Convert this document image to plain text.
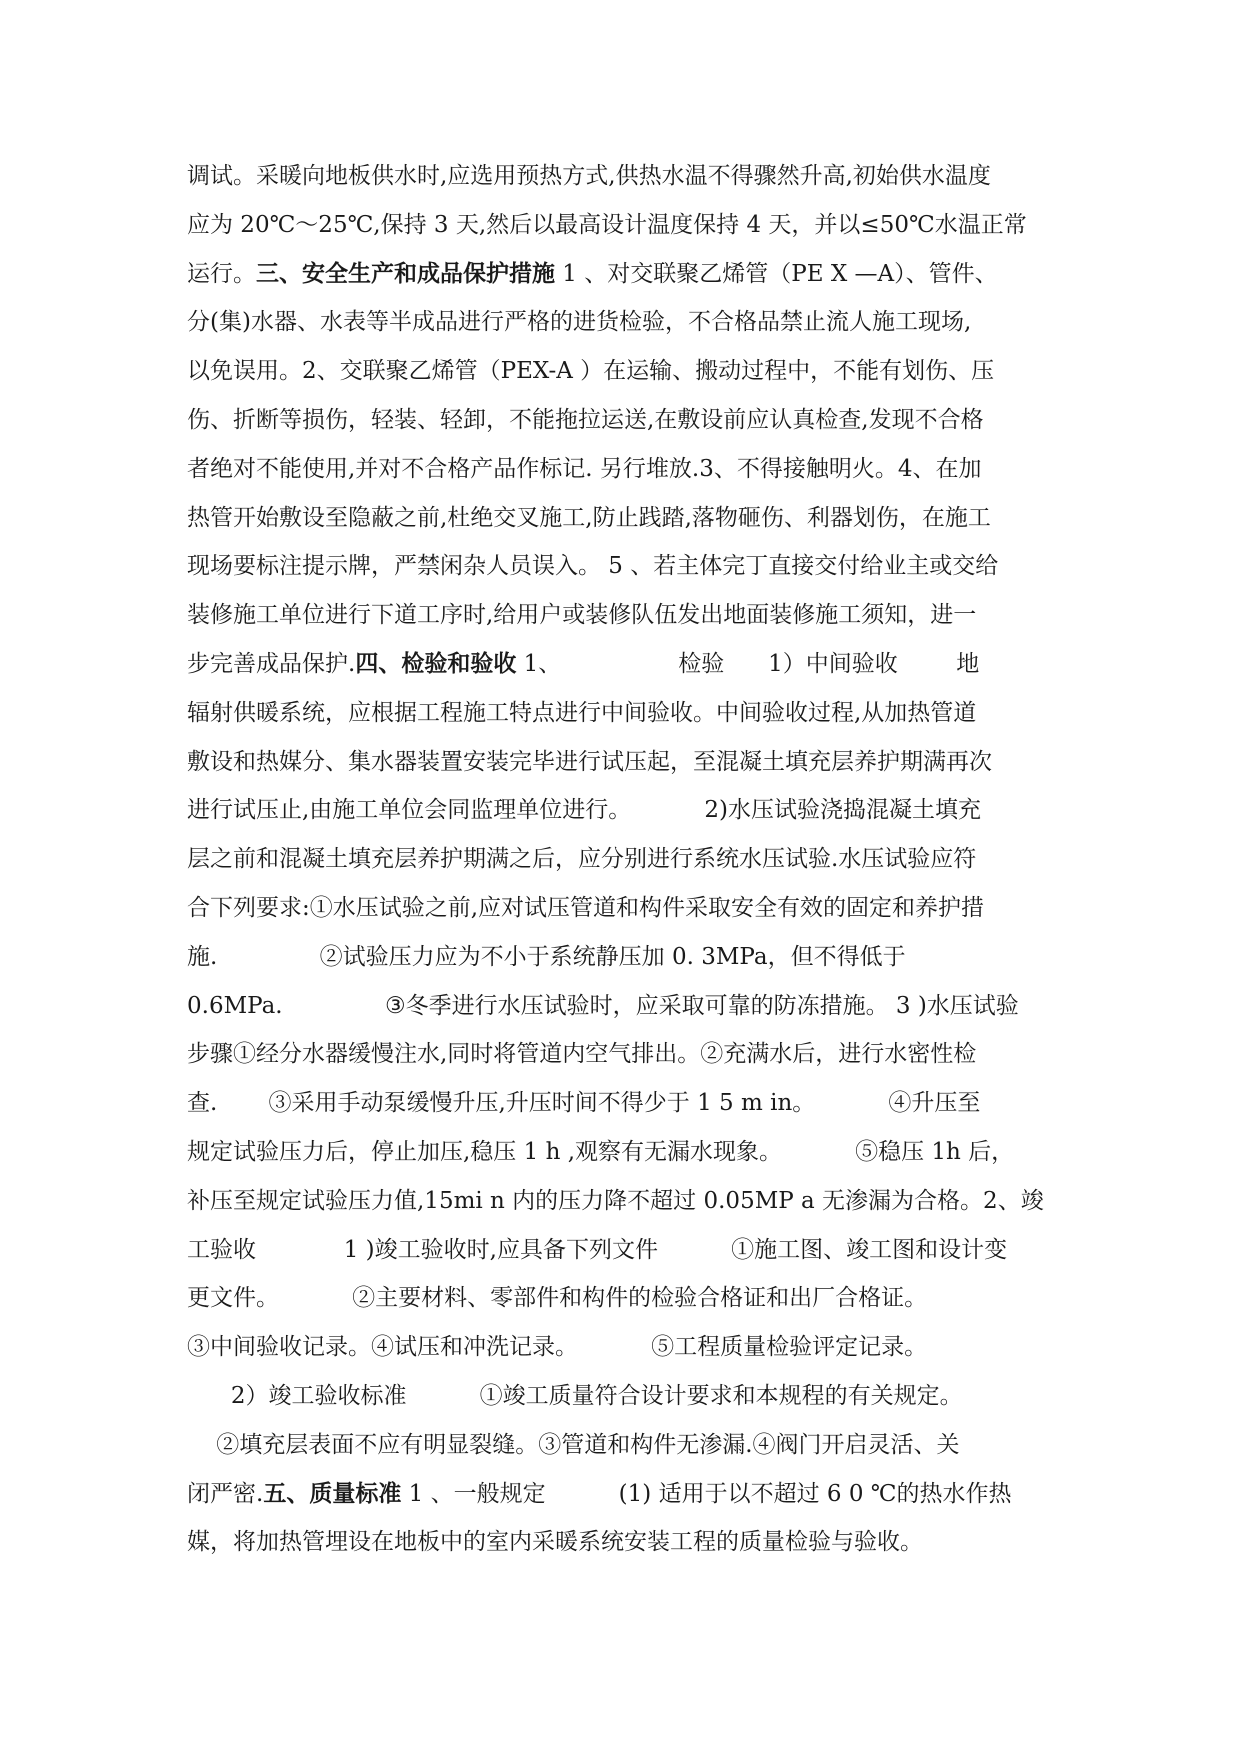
调试。采暖向地板供水时,应选用预热方式,供热水温不得骤然升高,初始供水温度
应为 20℃～25℃,保持 3 天,然后以最高设计温度保持 4 天，并以≤50℃水温正常
运行。三、安全生产和成品保护措施 1 、对交联聚乙烯管（PE X —A）、管件、
分(集)水器、水表等半成品进行严格的进货检验，不合格品禁止流人施工现场,
以免误用。2、交联聚乙烯管（PEX-A ）在运输、搬动过程中，不能有划伤、压
伤、折断等损伤，轻装、轻卸，不能拖拉运送,在敷设前应认真检查,发现不合格
者绝对不能使用,并对不合格产品作标记. 另行堆放.3、不得接触明火。4、在加
热管开始敷设至隐蔽之前,杜绝交叉施工,防止践踏,落物砸伤、利器划伤，在施工
现场要标注提示牌，严禁闲杂人员误入。 5 、若主体完丁直接交付给业主或交给
装修施工单位进行下道工序时,给用户或装修队伍发出地面装修施工须知，进一
步完善成品保护.四、检验和验收 1、                检验      1）中间验收        地
辐射供暖系统，应根据工程施工特点进行中间验收。中间验收过程,从加热管道
敷设和热媒分、集水器装置安装完毕进行试压起，至混凝土填充层养护期满再次
进行试压止,由施工单位会同监理单位进行。          2)水压试验浇捣混凝土填充
层之前和混凝土填充层养护期满之后，应分别进行系统水压试验.水压试验应符
合下列要求:①水压试验之前,应对试压管道和构件采取安全有效的固定和养护措
施.              ②试验压力应为不小于系统静压加 0. 3MPa，但不得低于
0.6MPa.              ③冬季进行水压试验时，应采取可靠的防冻措施。 3 )水压试验
步骤①经分水器缓慢注水,同时将管道内空气排出。②充满水后，进行水密性检
查.       ③采用手动泵缓慢升压,升压时间不得少于 1 5 m in。          ④升压至
规定试验压力后，停止加压,稳压 1 h ,观察有无漏水现象。          ⑤稳压 1h 后，
补压至规定试验压力值,15mi n 内的压力降不超过 0.05MP a 无渗漏为合格。2、竣
工验收            1 )竣工验收时,应具备下列文件          ①施工图、竣工图和设计变
更文件。          ②主要材料、零部件和构件的检验合格证和出厂合格证。
③中间验收记录。④试压和冲洗记录。          ⑤工程质量检验评定记录。
2）竣工验收标准          ①竣工质量符合设计要求和本规程的有关规定。
②填充层表面不应有明显裂缝。③管道和构件无渗漏.④阀门开启灵活、关
闭严密.五、质量标准 1 、一般规定          (1) 适用于以不超过 6 0 ℃的热水作热
媒，将加热管埋设在地板中的室内采暖系统安装工程的质量检验与验收。
